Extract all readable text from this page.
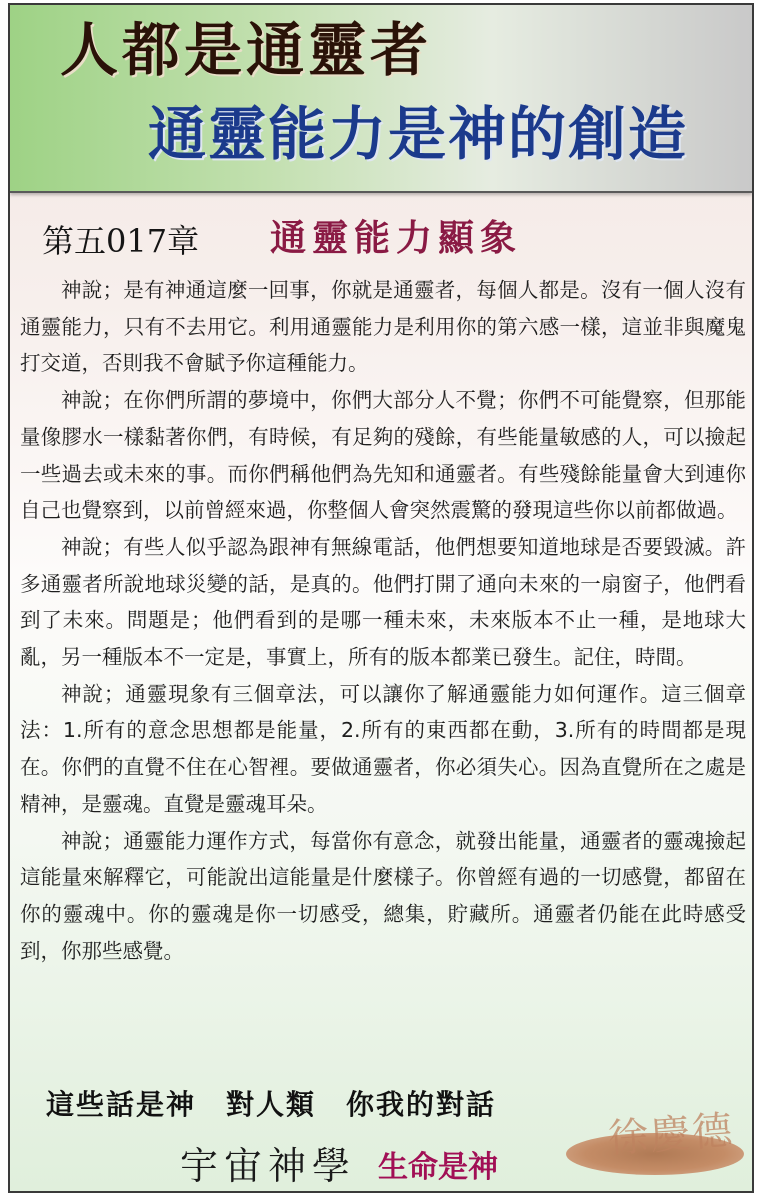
人都是通靈者
通靈能力是神的創造
第五017章 通靈能力顯象

神說；是有神通這麼一回事，你就是通靈者，每個人都是。沒有一個人沒有通靈能力，只有不去用它。利用通靈能力是利用你的第六感一樣，這並非與魔鬼打交道，否則我不會賦予你這種能力。

神說；在你們所謂的夢境中，你們大部分人不覺；你們不可能覺察，但那能量像膠水一樣黏著你們，有時候，有足夠的殘餘，有些能量敏感的人，可以撿起一些過去或未來的事。而你們稱他們為先知和通靈者。有些殘餘能量會大到連你自己也覺察到，以前曾經來過，你整個人會突然震驚的發現這些你以前都做過。

神說；有些人似乎認為跟神有無線電話，他們想要知道地球是否要毀滅。許多通靈者所說地球災變的話，是真的。他們打開了通向未來的一扇窗子，他們看到了未來。問題是；他們看到的是哪一種未來，未來版本不止一種，是地球大亂，另一種版本不一定是，事實上，所有的版本都業已發生。記住，時間。

神說；通靈現象有三個章法，可以讓你了解通靈能力如何運作。這三個章法：1.所有的意念思想都是能量，2.所有的東西都在動，3.所有的時間都是現在。你們的直覺不住在心智裡。要做通靈者，你必須失心。因為直覺所在之處是精神，是靈魂。直覺是靈魂耳朵。

神說；通靈能力運作方式，每當你有意念，就發出能量，通靈者的靈魂撿起這能量來解釋它，可能說出這能量是什麼樣子。你曾經有過的一切感覺，都留在你的靈魂中。你的靈魂是你一切感受，總集，貯藏所。通靈者仍能在此時感受到，你那些感覺。

這些話是神　對人類　你我的對話
宇宙神學 生命是神
徐慶德
